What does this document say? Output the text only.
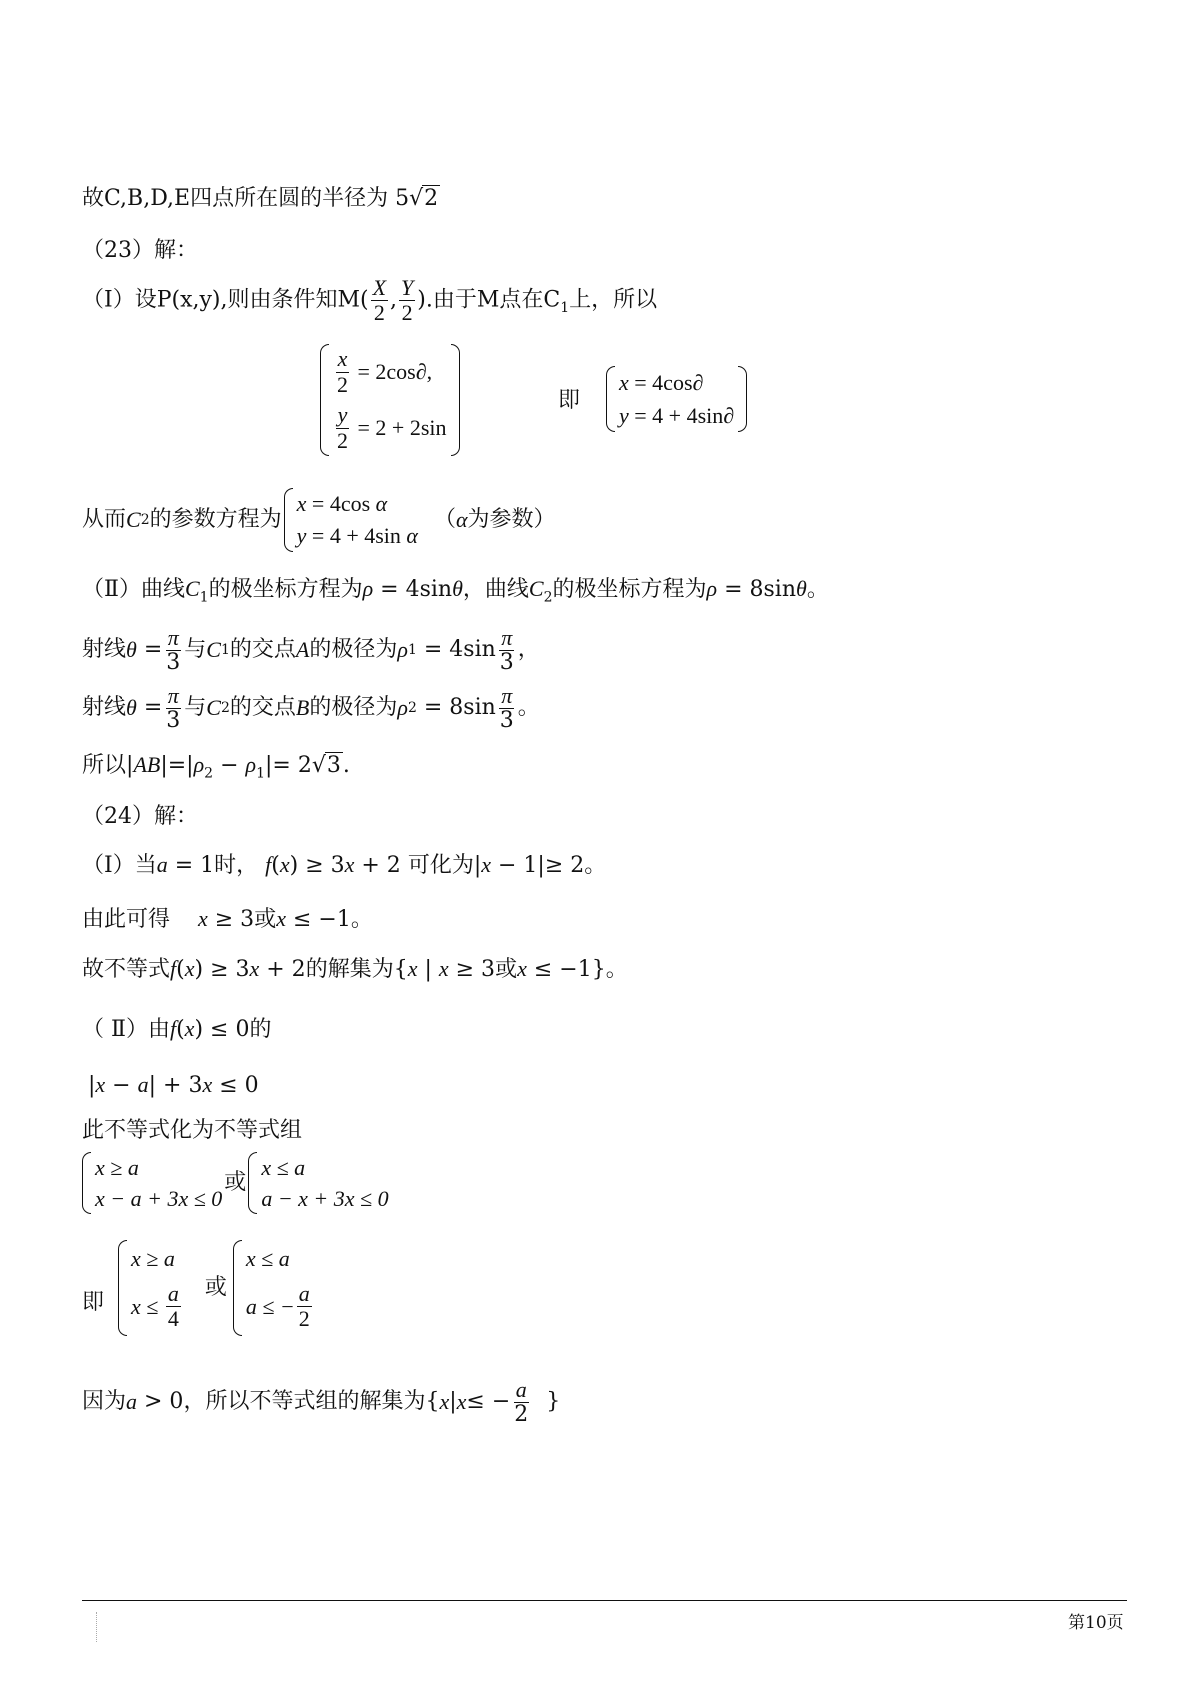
故C,B,D,E四点所在圆的半径为 5√2
（23）解：
（I）设P(x,y),则由条件知$M( \frac{X}{2}$ , $\frac{Y}{2}$ ).由于M点在$C_1$上，所以
$\frac{x}{2} = 2\cos\partial$,
$\frac{y}{2} = 2 + 2\sin$
即
x = 4cos∂
y = 4 + 4sin∂
从而 C 2 的参数方程为
x = 4cos α
y = 4 + 4sin α
（ α 为参数）
（Ⅱ）曲线$C_1$的极坐标方程为ρ = 4sinθ，曲线$C_2$的极坐标方程为ρ = 8sinθ。
射线 $\theta = \frac{\pi}{3}$ 与 C 1 的交点 A 的极径为 ρ $1 = 4\sin \frac{\pi}{3}$ ，
射线 $\theta = \frac{\pi}{3}$ 与 C 2 的交点 B 的极径为 ρ $2 = 8\sin \frac{\pi}{3}$ 。
所以$|AB|=|\rho_2 - \rho_1|= 2√3$.
（24）解：
（Ⅰ）当a = 1时， f(x) ≥ 3x + 2 可化为|x − 1|≥ 2。
由此可得 x ≥ 3或x ≤ −1。
故不等式f(x) ≥ 3x + 2的解集为{x | x ≥ 3或x ≤ −1}。
（ Ⅱ）由f(x) ≤ 0的
|x − a| + 3x ≤ 0
此不等式化为不等式组
x ≥ a
x − a + 3x ≤ 0
或
x ≤ a
a − x + 3x ≤ 0
即
x ≥ a
$x \le \frac{a}{4}$ 或
x ≤ a
a ≤ − $\frac{a}{2}$
因为 a > 0 ，所以不等式组的解集为 { x | x ≤ − $\frac{a}{2}$ }
第10页
